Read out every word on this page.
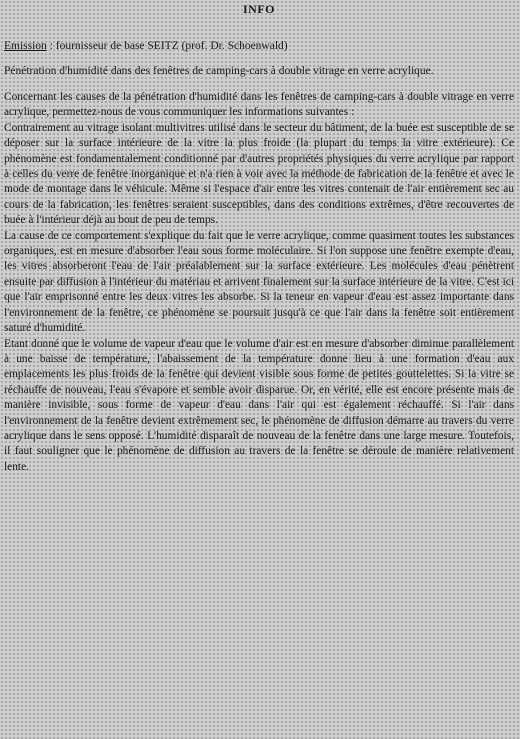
INFO
Emission : fournisseur de base SEITZ (prof. Dr. Schoenwald)
Pénétration d'humidité dans des fenêtres de camping-cars à double vitrage en verre acrylique.

Concernant les causes de la pénétration d'humidité dans les fenêtres de camping-cars à double vitrage en verre acrylique, permettez-nous de vous communiquer les informations suivantes :

Contrairement au vitrage isolant multivitres utilisé dans le secteur du bâtiment, de la buée est susceptible de se déposer sur la surface intérieure de la vitre la plus froide (la plupart du temps la vitre extérieure). Ce phénomène est fondamentalement conditionné par d'autres propriétés physiques du verre acrylique par rapport à celles du verre de fenêtre inorganique et n'a rien à voir avec la méthode de fabrication de la fenêtre et avec le mode de montage dans le véhicule. Même si l'espace d'air entre les vitres contenait de l'air entièrement sec au cours de la fabrication, les fenêtres seraient susceptibles, dans des conditions extrêmes, d'être recouvertes de buée à l'intérieur déjà au bout de peu de temps.

La cause de ce comportement s'explique du fait que le verre acrylique, comme quasiment toutes les substances organiques, est en mesure d'absorber l'eau sous forme moléculaire. Si l'on suppose une fenêtre exempte d'eau, les vitres absorberont l'eau de l'air préalablement sur la surface extérieure. Les molécules d'eau pénètrent ensuite par diffusion à l'intérieur du matériau et arrivent finalement sur la surface intérieure de la vitre. C'est ici que l'air emprisonné entre les deux vitres les absorbe. Si la teneur en vapeur d'eau est assez importante dans l'environnement de la fenêtre, ce phénomène se poursuit jusqu'à ce que l'air dans la fenêtre soit entièrement saturé d'humidité.

Etant donné que le volume de vapeur d'eau que le volume d'air est en mesure d'absorber diminue parallèlement à une baisse de température, l'abaissement de la température donne lieu à une formation d'eau aux emplacements les plus froids de la fenêtre qui devient visible sous forme de petites gouttelettes. Si la vitre se réchauffe de nouveau, l'eau s'évapore et semble avoir disparue. Or, en vérité, elle est encore présente mais de manière invisible, sous forme de vapeur d'eau dans l'air qui est également réchauffé. Si l'air dans l'environnement de la fenêtre devient extrêmement sec, le phénomène de diffusion démarre au travers du verre acrylique dans le sens opposé. L'humidité disparaît de nouveau de la fenêtre dans une large mesure. Toutefois, il faut souligner que le phénomène de diffusion au travers de la fenêtre se déroule de manière relativement lente.
